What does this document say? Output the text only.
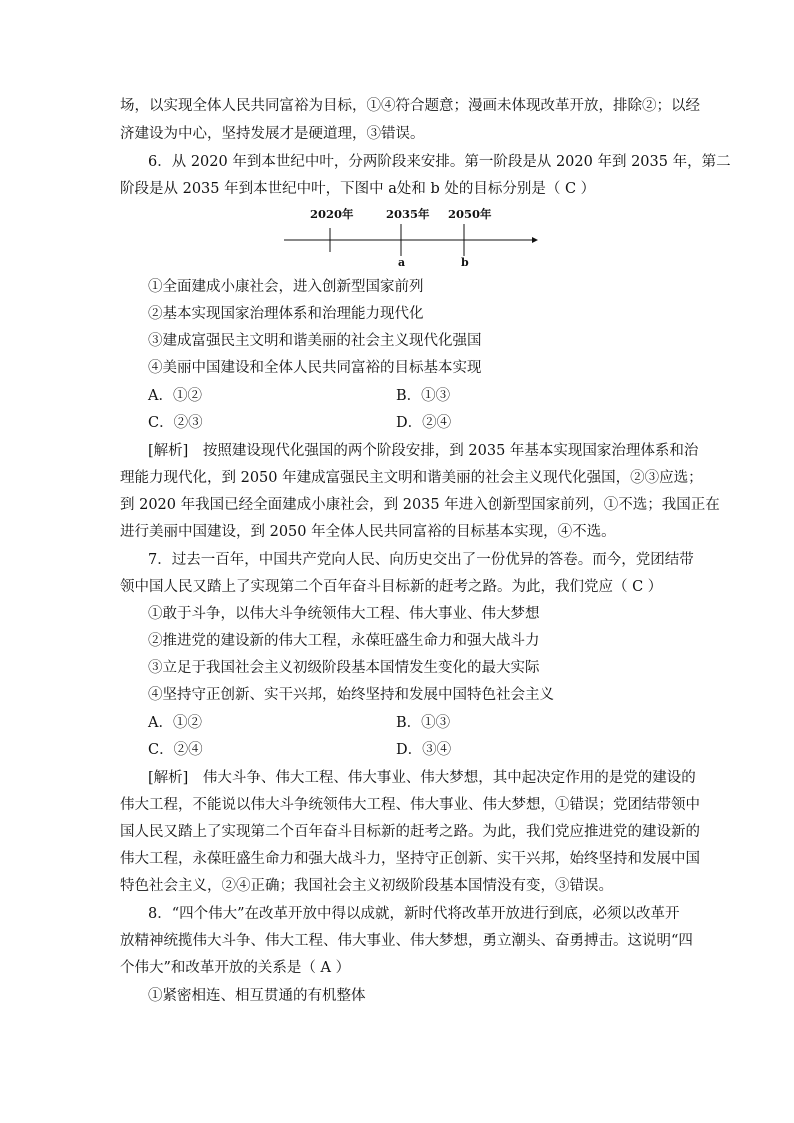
场，以实现全体人民共同富裕为目标，①④符合题意；漫画未体现改革开放，排除②；以经
济建设为中心，坚持发展才是硬道理，③错误。
6．从 2020 年到本世纪中叶，分两阶段来安排。第一阶段是从 2020 年到 2035 年，第二
阶段是从 2035 年到本世纪中叶，下图中 a处和 b 处的目标分别是（ C ）
2020年	2035年 2050年
a	b
①全面建成小康社会，进入创新型国家前列
②基本实现国家治理体系和治理能力现代化
③建成富强民主文明和谐美丽的社会主义现代化强国
④美丽中国建设和全体人民共同富裕的目标基本实现
A．①②	B．①③
C．②③	D．②④
[解析]　按照建设现代化强国的两个阶段安排，到 2035 年基本实现国家治理体系和治
理能力现代化，到 2050 年建成富强民主文明和谐美丽的社会主义现代化强国，②③应选；
到 2020 年我国已经全面建成小康社会，到 2035 年进入创新型国家前列，①不选；我国正在
进行美丽中国建设，到 2050 年全体人民共同富裕的目标基本实现，④不选。
7．过去一百年，中国共产党向人民、向历史交出了一份优异的答卷。而今，党团结带
领中国人民又踏上了实现第二个百年奋斗目标新的赶考之路。为此，我们党应（ C ）
①敢于斗争，以伟大斗争统领伟大工程、伟大事业、伟大梦想
②推进党的建设新的伟大工程，永葆旺盛生命力和强大战斗力
③立足于我国社会主义初级阶段基本国情发生变化的最大实际
④坚持守正创新、实干兴邦，始终坚持和发展中国特色社会主义
A．①②	B．①③
C．②④	D．③④
[解析]　伟大斗争、伟大工程、伟大事业、伟大梦想，其中起决定作用的是党的建设的
伟大工程，不能说以伟大斗争统领伟大工程、伟大事业、伟大梦想，①错误；党团结带领中
国人民又踏上了实现第二个百年奋斗目标新的赶考之路。为此，我们党应推进党的建设新的
伟大工程，永葆旺盛生命力和强大战斗力，坚持守正创新、实干兴邦，始终坚持和发展中国
特色社会主义，②④正确；我国社会主义初级阶段基本国情没有变，③错误。
8．“四个伟大”在改革开放中得以成就，新时代将改革开放进行到底，必须以改革开
放精神统揽伟大斗争、伟大工程、伟大事业、伟大梦想，勇立潮头、奋勇搏击。这说明“四
个伟大”和改革开放的关系是（ A ）
①紧密相连、相互贯通的有机整体
